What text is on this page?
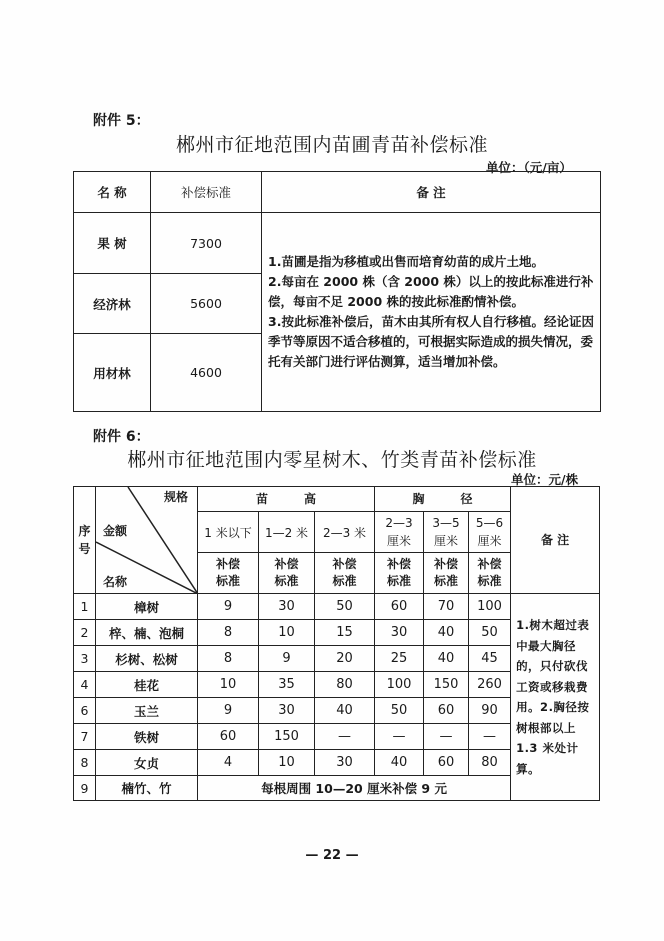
附件 5：
郴州市征地范围内苗圃青苗补偿标准
单位：（元/亩）
名 称	补偿标准	备 注
果 树	7300	1.苗圃是指为移植或出售而培育幼苗的成片土地。
2.每亩在 2000 株（含 2000 株）以上的按此标准进行补偿，每亩不足 2000 株的按此标准酌情补偿。
3.按此标准补偿后，苗木由其所有权人自行移植。经论证因季节等原因不适合移植的，可根据实际造成的损失情况，委托有关部门进行评估测算，适当增加补偿。

经济林	5600	
用材林	4600	
附件 6：
郴州市征地范围内零星树木、竹类青苗补偿标准
单位：元/株
序号	规格
金额
名称	苗　　　高			胸　　　径			备 注
		1 米以下	1—2 米	2—3 米	2—3 厘米	3—5 厘米	5—6 厘米	

		补偿 标准	补偿 标准	补偿 标准	补偿 标准	补偿 标准	补偿 标准	

1	樟树	9	30	50	60	70	100	1.树木超过表中最大胸径的，只付砍伐工资或移栽费用。2.胸径按树根部以上 1.3 米处计算。
2	梓、楠、泡桐	8	10	15	30	40	50	
3	杉树、松树	8	9	20	25	40	45	
4	桂花	10	35	80	100	150	260	
6	玉兰	9	30	40	50	60	90	
7	铁树	60	150	—	—	—	—	
8	女贞	4	10	30	40	60	80	
9	楠竹、竹	每根周围 10—20 厘米补偿 9 元						
— 22 —
